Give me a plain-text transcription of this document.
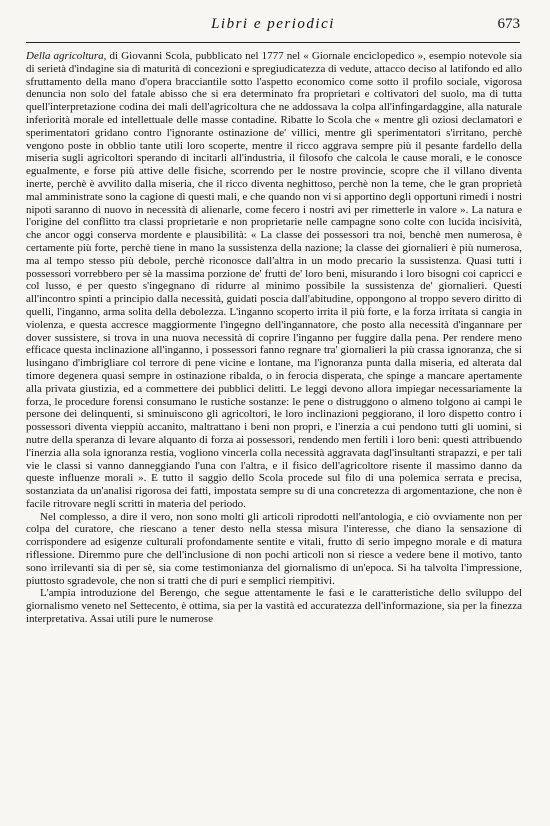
Libri e periodici	673

Della agricoltura, di Giovanni Scola, pubblicato nel 1777 nel « Giornale enciclopedico », esempio notevole sia di serietà d'indagine sia di maturità di concezioni e spregiudicatezza di vedute, attacco deciso al latifondo ed allo sfruttamento della mano d'opera bracciantile sotto l'aspetto economico come sotto il profilo sociale, vigorosa denuncia non solo del fatale abisso che si era determinato fra proprietari e coltivatori del suolo, ma di tutta quell'interpretazione codina dei mali dell'agricoltura che ne addossava la colpa all'infingardaggine, alla naturale inferiorità morale ed intellettuale delle masse contadine. Ribatte lo Scola che « mentre gli oziosi declamatori e sperimentatori gridano contro l'ignorante ostinazione de' villici, mentre gli sperimentatori s'irritano, perchè vengono poste in obblio tante utili loro scoperte, mentre il ricco aggrava sempre più il pesante fardello della miseria sugli agricoltori sperando di incitarli all'industria, il filosofo che calcola le cause morali, e le conosce egualmente, e forse più attive delle fisiche, scorrendo per le nostre provincie, scopre che il villano diventa inerte, perchè è avvilito dalla miseria, che il ricco diventa neghittoso, perchè non la teme, che le gran proprietà mal amministrate sono la cagione di questi mali, e che quando non vi si apportino degli opportuni rimedi i nostri nipoti saranno di nuovo in necessità di alienarle, come fecero i nostri avi per rimetterle in valore ». La natura e l'origine del conflitto tra classi proprietarie e non proprietarie nelle campagne sono colte con lucida incisività, che ancor oggi conserva mordente e plausibilità: « La classe dei possessori tra noi, benchè men numerosa, è certamente più forte, perchè tiene in mano la sussistenza della nazione; la classe dei giornalieri è più numerosa, ma al tempo stesso più debole, perchè riconosce dall'altra in un modo precario la sussistenza. Quasi tutti i possessori vorrebbero per sè la massima porzione de' frutti de' loro beni, misurando i loro bisogni coi capricci e col lusso, e per questo s'ingegnano di ridurre al minimo possibile la sussistenza de' giornalieri. Questi all'incontro spinti a principio dalla necessità, guidati poscia dall'abitudine, oppongono al troppo severo diritto di quelli, l'inganno, arma solita della debolezza. L'inganno scoperto irrita il più forte, e la forza irritata si cangia in violenza, e questa accresce maggiormente l'ingegno dell'ingannatore, che posto alla necessità d'ingannare per dover sussistere, si trova in una nuova necessità di coprire l'inganno per fuggire dalla pena. Per rendere meno efficace questa inclinazione all'inganno, i possessori fanno regnare tra' giornalieri la più crassa ignoranza, che si lusingano d'imbrigliare col terrore di pene vicine e lontane, ma l'ignoranza punta dalla miseria, ed alterata dal timore degenera quasi sempre in ostinazione ribalda, o in ferocia disperata, che spinge a mancare apertamente alla privata giustizia, ed a commettere dei pubblici delitti. Le leggi devono allora impiegar necessariamente la forza, le procedure forensi consumano le rustiche sostanze: le pene o distruggono o almeno tolgono ai campi le persone dei delinquenti, si sminuiscono gli agricoltori, le loro inclinazioni peggiorano, il loro dispetto contro i possessori diventa vieppiù accanito, maltrattano i beni non propri, e l'inerzia a cui pendono tutti gli uomini, si nutre della speranza di levare alquanto di forza ai possessori, rendendo men fertili i loro beni: questi attribuendo l'inerzia alla sola ignoranza restia, vogliono vincerla colla necessità aggravata dagl'insultanti strapazzi, e per tali vie le classi si vanno danneggiando l'una con l'altra, e il fisico dell'agricoltore risente il massimo danno da queste influenze morali ». E tutto il saggio dello Scola procede sul filo di una polemica serrata e precisa, sostanziata da un'analisi rigorosa dei fatti, impostata sempre su di una concretezza di argomentazione, che non è facile ritrovare negli scritti in materia del periodo.

Nel complesso, a dire il vero, non sono molti gli articoli riprodotti nell'antologia, e ciò ovviamente non per colpa del curatore, che riescano a tener desto nella stessa misura l'interesse, che diano la sensazione di corrispondere ad esigenze culturali profondamente sentite e vitali, frutto di serio impegno morale e di matura riflessione. Diremmo pure che dell'inclusione di non pochi articoli non si riesce a vedere bene il motivo, tanto sono irrilevanti sia di per sè, sia come testimonianza del giornalismo di un'epoca. Si ha talvolta l'impressione, piuttosto sgradevole, che non si tratti che di puri e semplici riempitivi.

L'ampia introduzione del Berengo, che segue attentamente le fasi e le caratteristiche dello sviluppo del giornalismo veneto nel Settecento, è ottima, sia per la vastità ed accuratezza dell'informazione, sia per la finezza interpretativa. Assai utili pure le numerose
